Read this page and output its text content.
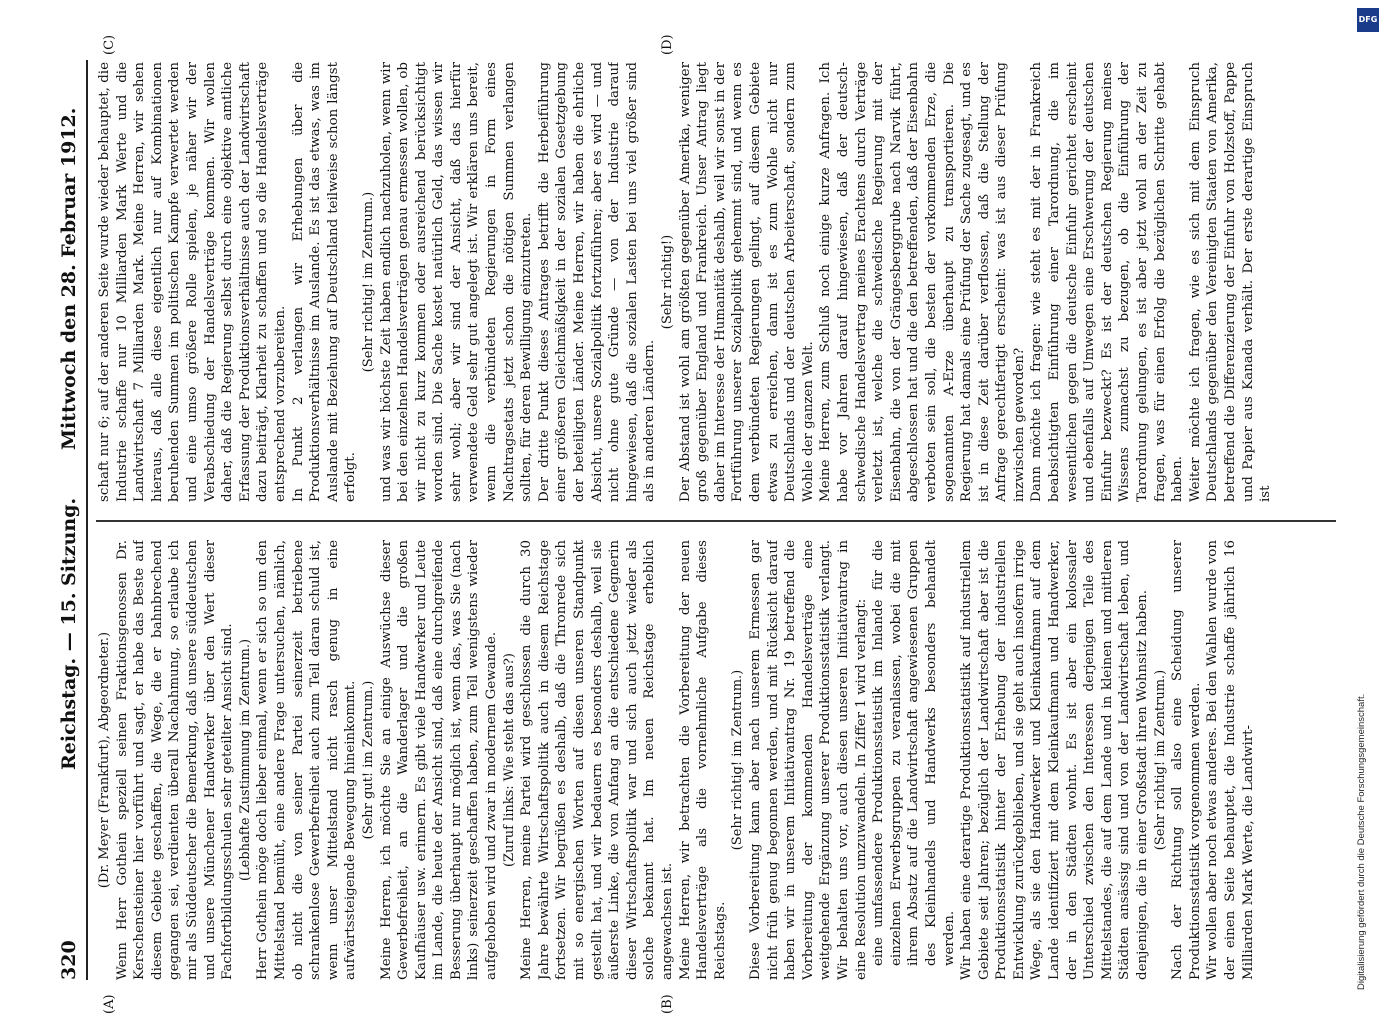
320
Reichstag. — 15. Sitzung.
Mittwoch den 28. Februar 1912.
(A)	(B)
(C)	(D)

(Dr. Meyer (Frankfurt), Abgeordneter.) Wenn Herr Gothein speziell seinen Fraktionsgenossen Dr. Kerschensteiner hier vorführt und sagt, er habe das Beste auf diesem Gebiete geschaffen, die Wege, die er bahnbrechend gegangen sei, verdienten überall Nachahmung, so erlaube ich mir als Süddeutscher die Bemerkung, daß unsere süddeutschen und unsere Münchener Handwerker über den Wert dieser Fachfortbildungsschulen sehr geteilter Ansicht sind. (Lebhafte Zustimmung im Zentrum.) Herr Gothein möge doch lieber einmal, wenn er sich so um den Mittelstand bemüht, eine andere Frage untersuchen, nämlich, ob nicht die von seiner Partei seinerzeit betriebene schrankenlose Gewerbefreiheit auch zum Teil daran schuld ist, wenn unser Mittelstand nicht rasch genug in eine aufwärtssteigende Bewegung hineinkommt. (Sehr gut! im Zentrum.) Meine Herren, ich möchte Sie an einige Auswüchse dieser Gewerbefreiheit, an die Wanderlager und die großen Kaufhäuser usw. erinnern. Es gibt viele Handwerker und Leute im Lande, die heute der Ansicht sind, daß eine durchgreifende Besserung überhaupt nur möglich ist, wenn das, was Sie (nach links) seinerzeit geschaffen haben, zum Teil wenigstens wieder aufgehoben wird und zwar in modernem Gewande. (Zuruf links: Wie steht das aus?) Meine Herren, meine Partei wird geschlossen die durch 30 Jahre bewährte Wirtschaftspolitik auch in diesem Reichstage fortsetzen. Wir begrüßen es deshalb, daß die Thronrede sich mit so energischen Worten auf diesen unseren Standpunkt gestellt hat, und wir bedauern es besonders deshalb, weil sie äußerste Linke, die von Anfang an die entschiedene Gegnerin dieser Wirtschaftspolitik war und sich auch jetzt wieder als solche bekannt hat. Im neuen Reichstage erheblich angewachsen ist. Meine Herren, wir betrachten die Vorbereitung der neuen Handelsverträge als die vornehmliche Aufgabe dieses Reichstags.

(Sehr richtig! im Zentrum.) Diese Vorbereitung kann aber nach unserem Ermessen gar nicht früh genug begonnen werden, und mit Rücksicht darauf haben wir in unserem Initiativantrag Nr. 19 betreffend die Vorbereitung der kommenden Handelsverträge eine weitgehende Ergänzung unserer Produktionsstatistik verlangt. Wir behalten uns vor, auch diesen unseren Initiativantrag in eine Resolution umzuwandeln. In Ziffer 1 wird verlangt: eine umfassendere Produktionsstatistik im Inlande für die einzelnen Erwerbsgruppen zu veranlassen, wobei die mit ihrem Absatz auf die Landwirtschaft angewiesenen Gruppen des Kleinhandels und Handwerks besonders behandelt werden. Wir haben eine derartige Produktionsstatistik auf industriellem Gebiete seit Jahren; bezüglich der Landwirtschaft aber ist die Produktionsstatistik hinter der Erhebung der industriellen Entwicklung zurückgeblieben, und sie geht auch insofern irrige Wege, als sie den Handwerker und Kleinkaufmann auf dem Lande identifiziert mit dem Kleinkaufmann und Handwerker, der in den Städten wohnt. Es ist aber ein kolossaler Unterschied zwischen den Interessen derjenigen Teile des Mittelstandes, die auf dem Lande und in kleinen und mittleren Städten ansässig sind und von der Landwirtschaft leben, und denjenigen, die in einer Großstadt ihren Wohnsitz haben. (Sehr richtig! im Zentrum.) Nach der Richtung soll also eine Scheidung unserer Produktionsstatistik vorgenommen werden. Wir wollen aber noch etwas anderes. Bei den Wahlen wurde von der einen Seite behauptet, die Industrie schaffe jährlich 16 Milliarden Mark Werte, die Landwirt-

schaft nur 6; auf der anderen Seite wurde wieder behauptet, die Industrie schaffe nur 10 Milliarden Mark Werte und die Landwirtschaft 7 Milliarden Mark. Meine Herren, wir sehen hieraus, daß alle diese eigentlich nur auf Kombinationen beruhenden Summen im politischen Kampfe verwertet werden und eine umso größere Rolle spielen, je näher wir der Verabschiedung der Handelsverträge kommen. Wir wollen daher, daß die Regierung selbst durch eine objektive amtliche Erfassung der Produktionsverhältnisse auch der Landwirtschaft dazu beiträgt, Klarheit zu schaffen und so die Handelsverträge entsprechend vorzubereiten. In Punkt 2 verlangen wir Erhebungen über die Produktionsverhältnisse im Auslande. Es ist das etwas, was im Auslande mit Beziehung auf Deutschland teilweise schon längst erfolgt.

(Sehr richtig! im Zentrum.) und was wir höchste Zeit haben endlich nachzuholen, wenn wir bei den einzelnen Handelsverträgen genau ermessen wollen, ob wir nicht zu kurz kommen oder ausreichend berücksichtigt worden sind. Die Sache kostet natürlich Geld, das wissen wir sehr wohl; aber wir sind der Ansicht, daß das hierfür verwendete Geld sehr gut angelegt ist. Wir erklären uns bereit, wenn die verbündeten Regierungen in Form eines Nachtragsetats jetzt schon die nötigen Summen verlangen sollten, für deren Bewilligung einzutreten. Der dritte Punkt dieses Antrages betrifft die Herbeiführung einer größeren Gleichmäßigkeit in der sozialen Gesetzgebung der beteiligten Länder. Meine Herren, wir haben die ehrliche Absicht, unsere Sozialpolitik fortzuführen; aber es wird — und nicht ohne gute Gründe — von der Industrie darauf hingewiesen, daß die sozialen Lasten bei uns viel größer sind als in anderen Ländern.

(Sehr richtig!) Der Abstand ist wohl am größten gegenüber Amerika, weniger groß gegenüber England und Frankreich. Unser Antrag liegt daher im Interesse der Humanität deshalb, weil wir sonst in der Fortführung unserer Sozialpolitik gehemmt sind, und wenn es dem verbündeten Regierungen gelingt, auf diesem Gebiete etwas zu erreichen, dann ist es zum Wohle nicht nur Deutschlands und der deutschen Arbeiterschaft, sondern zum Wohle der ganzen Welt. Meine Herren, zum Schluß noch einige kurze Anfragen. Ich habe vor Jahren darauf hingewiesen, daß der deutsch-schwedische Handelsvertrag meines Erachtens durch Verträge verletzt ist, welche die schwedische Regierung mit der Eisenbahn, die von der Grängesberggrube nach Narvik führt, abgeschlossen hat und die den betreffenden, daß der Eisenbahn verboten sein soll, die besten der vorkommenden Erze, die sogenannten A-Erze überhaupt zu transportieren. Die Regierung hat damals eine Prüfung der Sache zugesagt, und es ist in diese Zeit darüber verflossen, daß die Stellung der Anfrage gerechtfertigt erscheint: was ist aus dieser Prüfung inzwischen geworden? Dann möchte ich fragen: wie steht es mit der in Frankreich beabsichtigten Einführung einer Tarordnung, die im wesentlichen gegen die deutsche Einfuhr gerichtet erscheint und ebenfalls auf Umwegen eine Erschwerung der deutschen Einfuhr bezweckt? Es ist der deutschen Regierung meines Wissens zumachst zu bezugen, ob die Einführung der Tarordnung gelungen, es ist aber jetzt wohl an der Zeit zu fragen, was für einen Erfolg die bezüglichen Schritte gehabt haben. Weiter möchte ich fragen, wie es sich mit dem Einspruch Deutschlands gegenüber den Vereinigten Staaten von Amerika, betreffend die Differenzierung der Einfuhr von Holzstoff, Pappe und Papier aus Kanada verhält. Der erste derartige Einspruch ist

DFG
Digitalisierung gefördert durch die Deutsche Forschungsgemeinschaft.
